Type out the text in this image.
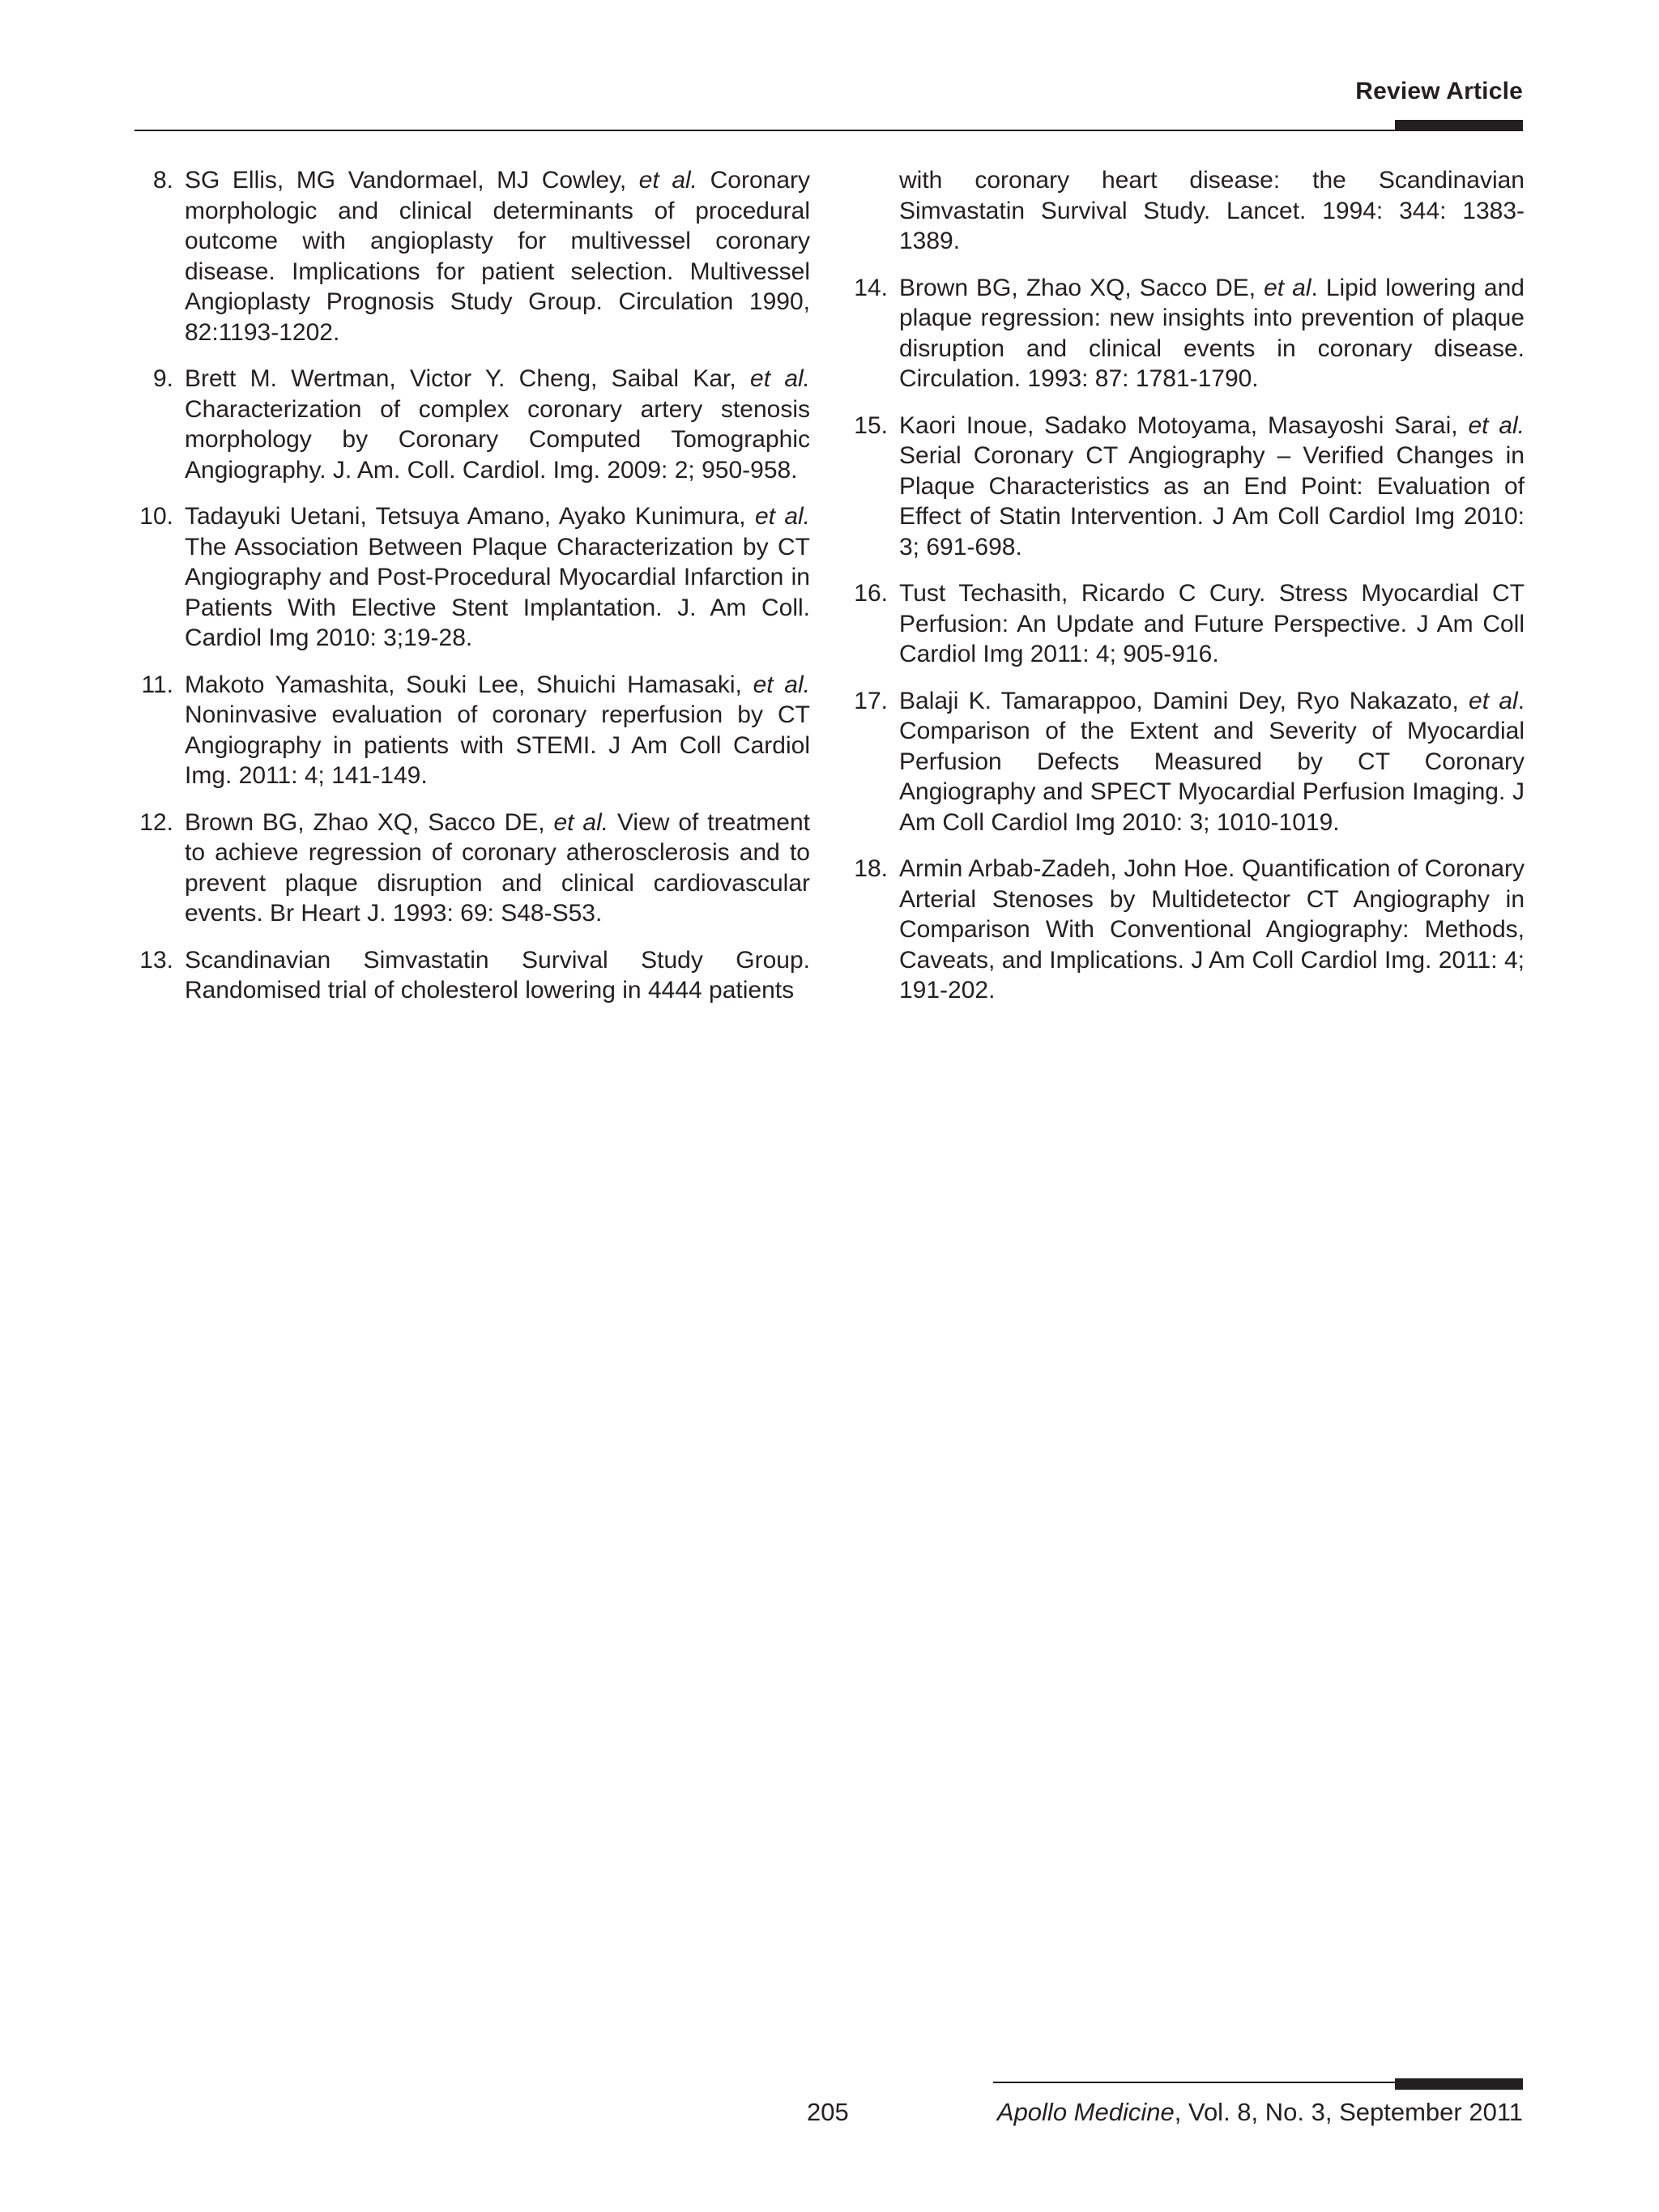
Review Article
8. SG Ellis, MG Vandormael, MJ Cowley, et al. Coronary morphologic and clinical determinants of procedural outcome with angioplasty for multivessel coronary disease. Implications for patient selection. Multivessel Angioplasty Prognosis Study Group. Circulation 1990, 82:1193-1202.
9. Brett M. Wertman, Victor Y. Cheng, Saibal Kar, et al. Characterization of complex coronary artery stenosis morphology by Coronary Computed Tomographic Angiography. J. Am. Coll. Cardiol. Img. 2009: 2; 950-958.
10. Tadayuki Uetani, Tetsuya Amano, Ayako Kunimura, et al. The Association Between Plaque Characterization by CT Angiography and Post-Procedural Myocardial Infarction in Patients With Elective Stent Implantation. J. Am Coll. Cardiol Img 2010: 3;19-28.
11. Makoto Yamashita, Souki Lee, Shuichi Hamasaki, et al. Noninvasive evaluation of coronary reperfusion by CT Angiography in patients with STEMI. J Am Coll Cardiol Img. 2011: 4; 141-149.
12. Brown BG, Zhao XQ, Sacco DE, et al. View of treatment to achieve regression of coronary atherosclerosis and to prevent plaque disruption and clinical cardiovascular events. Br Heart J. 1993: 69: S48-S53.
13. Scandinavian Simvastatin Survival Study Group. Randomised trial of cholesterol lowering in 4444 patients
with coronary heart disease: the Scandinavian Simvastatin Survival Study. Lancet. 1994: 344: 1383-1389.
14. Brown BG, Zhao XQ, Sacco DE, et al. Lipid lowering and plaque regression: new insights into prevention of plaque disruption and clinical events in coronary disease. Circulation. 1993: 87: 1781-1790.
15. Kaori Inoue, Sadako Motoyama, Masayoshi Sarai, et al. Serial Coronary CT Angiography – Verified Changes in Plaque Characteristics as an End Point: Evaluation of Effect of Statin Intervention. J Am Coll Cardiol Img 2010: 3; 691-698.
16. Tust Techasith, Ricardo C Cury. Stress Myocardial CT Perfusion: An Update and Future Perspective. J Am Coll Cardiol Img 2011: 4; 905-916.
17. Balaji K. Tamarappoo, Damini Dey, Ryo Nakazato, et al. Comparison of the Extent and Severity of Myocardial Perfusion Defects Measured by CT Coronary Angiography and SPECT Myocardial Perfusion Imaging. J Am Coll Cardiol Img 2010: 3; 1010-1019.
18. Armin Arbab-Zadeh, John Hoe. Quantification of Coronary Arterial Stenoses by Multidetector CT Angiography in Comparison With Conventional Angiography: Methods, Caveats, and Implications. J Am Coll Cardiol Img. 2011: 4; 191-202.
205	Apollo Medicine, Vol. 8, No. 3, September 2011
